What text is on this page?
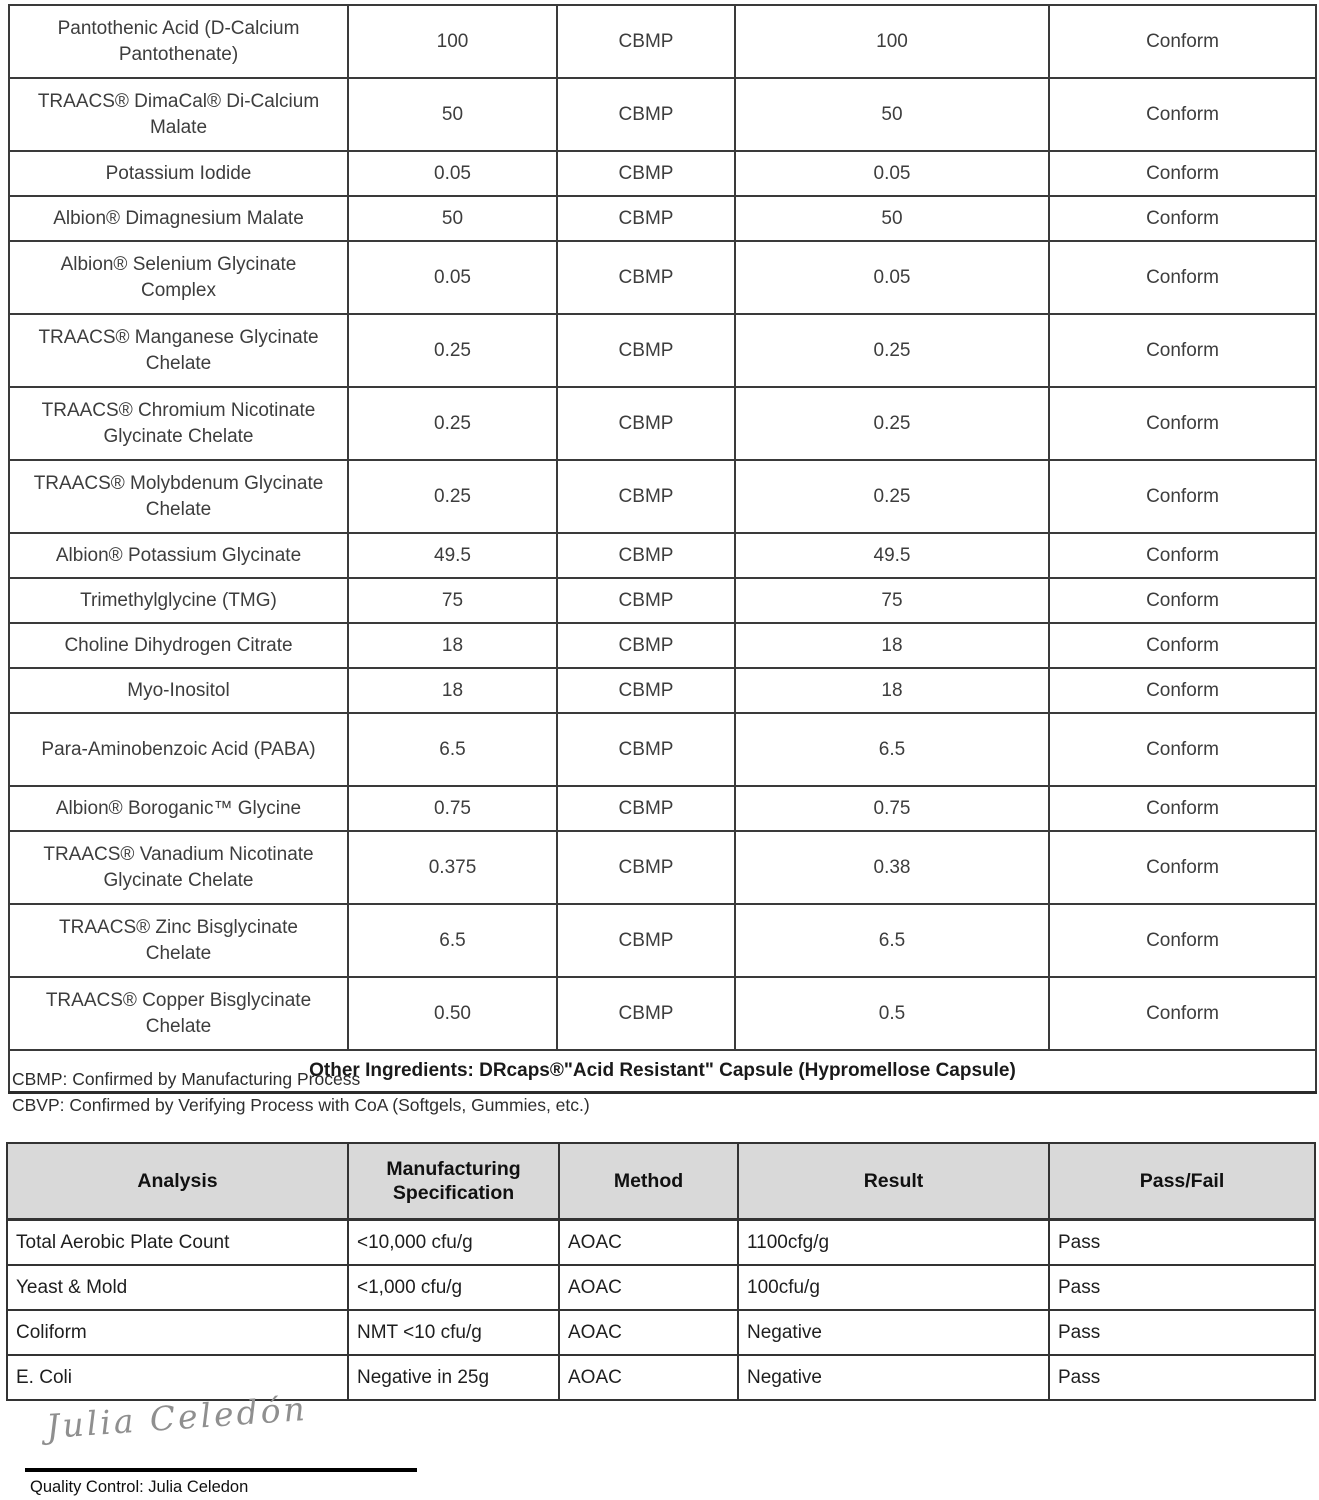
Pantothenic Acid (D-Calcium Pantothenate)	100	CBMP	100	Conform
TRAACS® DimaCal® Di-Calcium Malate	50	CBMP	50	Conform
Potassium Iodide	0.05	CBMP	0.05	Conform
Albion® Dimagnesium Malate	50	CBMP	50	Conform
Albion® Selenium Glycinate Complex	0.05	CBMP	0.05	Conform
TRAACS® Manganese Glycinate Chelate	0.25	CBMP	0.25	Conform
TRAACS® Chromium Nicotinate Glycinate Chelate	0.25	CBMP	0.25	Conform
TRAACS® Molybdenum Glycinate Chelate	0.25	CBMP	0.25	Conform
Albion® Potassium Glycinate	49.5	CBMP	49.5	Conform
Trimethylglycine (TMG)	75	CBMP	75	Conform
Choline Dihydrogen Citrate	18	CBMP	18	Conform
Myo-Inositol	18	CBMP	18	Conform
Para-Aminobenzoic Acid (PABA)	6.5	CBMP	6.5	Conform
Albion® Boroganic™ Glycine	0.75	CBMP	0.75	Conform
TRAACS® Vanadium Nicotinate Glycinate Chelate	0.375	CBMP	0.38	Conform
TRAACS® Zinc Bisglycinate Chelate	6.5	CBMP	6.5	Conform
TRAACS® Copper Bisglycinate Chelate	0.50	CBMP	0.5	Conform
Other Ingredients: DRcaps®"Acid Resistant" Capsule (Hypromellose Capsule)				
CBMP: Confirmed by Manufacturing Process
CBVP: Confirmed by Verifying Process with CoA (Softgels, Gummies, etc.)
Analysis	Manufacturing Specification	Method	Result	Pass/Fail
Total Aerobic Plate Count	<10,000 cfu/g	AOAC	1100cfg/g	Pass
Yeast & Mold	<1,000 cfu/g	AOAC	100cfu/g	Pass
Coliform	NMT <10 cfu/g	AOAC	Negative	Pass
E. Coli	Negative in 25g	AOAC	Negative	Pass
Julia Celedón
Quality Control: Julia Celedon
